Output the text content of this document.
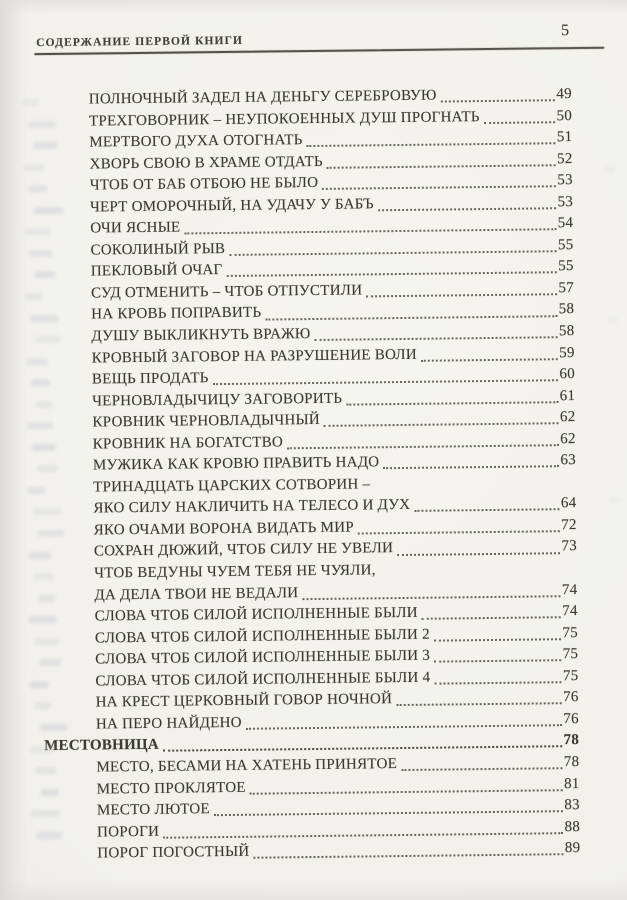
СОДЕРЖАНИЕ ПЕРВОЙ КНИГИ
5
ПОЛНОЧНЫЙ ЗАДЕЛ НА ДЕНЬГУ СЕРЕБРОВУЮ	49
ТРЕХГОВОРНИК – НЕУПОКОЕННЫХ ДУШ ПРОГНАТЬ	50
МЕРТВОГО ДУХА ОТОГНАТЬ	51
ХВОРЬ СВОЮ В ХРАМЕ ОТДАТЬ	52
ЧТОБ ОТ БАБ ОТБОЮ НЕ БЫЛО	53
ЧЕРТ ОМОРОЧНЫЙ, НА УДАЧУ У БАБЪ	53
ОЧИ ЯСНЫЕ	54
СОКОЛИНЫЙ РЫВ	55
ПЕКЛОВЫЙ ОЧАГ	55
СУД ОТМЕНИТЬ – ЧТОБ ОТПУСТИЛИ	57
НА КРОВЬ ПОПРАВИТЬ	58
ДУШУ ВЫКЛИКНУТЬ ВРАЖЮ	58
КРОВНЫЙ ЗАГОВОР НА РАЗРУШЕНИЕ ВОЛИ	59
ВЕЩЬ ПРОДАТЬ	60
ЧЕРНОВЛАДЫЧИЦУ ЗАГОВОРИТЬ	61
КРОВНИК ЧЕРНОВЛАДЫЧНЫЙ	62
КРОВНИК НА БОГАТСТВО	62
МУЖИКА КАК КРОВЮ ПРАВИТЬ НАДО	63
ТРИНАДЦАТЬ ЦАРСКИХ СОТВОРИН –
ЯКО СИЛУ НАКЛИЧИТЬ НА ТЕЛЕСО И ДУХ	64
ЯКО ОЧАМИ ВОРОНА ВИДАТЬ МИР	72
СОХРАН ДЮЖИЙ, ЧТОБ СИЛУ НЕ УВЕЛИ	73
ЧТОБ ВЕДУНЫ ЧУЕМ ТЕБЯ НЕ ЧУЯЛИ,
ДА ДЕЛА ТВОИ НЕ ВЕДАЛИ	74
СЛОВА ЧТОБ СИЛОЙ ИСПОЛНЕННЫЕ БЫЛИ	74
СЛОВА ЧТОБ СИЛОЙ ИСПОЛНЕННЫЕ БЫЛИ 2	75
СЛОВА ЧТОБ СИЛОЙ ИСПОЛНЕННЫЕ БЫЛИ 3	75
СЛОВА ЧТОБ СИЛОЙ ИСПОЛНЕННЫЕ БЫЛИ 4	75
НА КРЕСТ ЦЕРКОВНЫЙ ГОВОР НОЧНОЙ	76
НА ПЕРО НАЙДЕНО	76
МЕСТОВНИЦА	78
МЕСТО, БЕСАМИ НА ХАТЕНЬ ПРИНЯТОЕ	78
МЕСТО ПРОКЛЯТОЕ	81
МЕСТО ЛЮТОЕ	83
ПОРОГИ	88
ПОРОГ ПОГОСТНЫЙ	89
